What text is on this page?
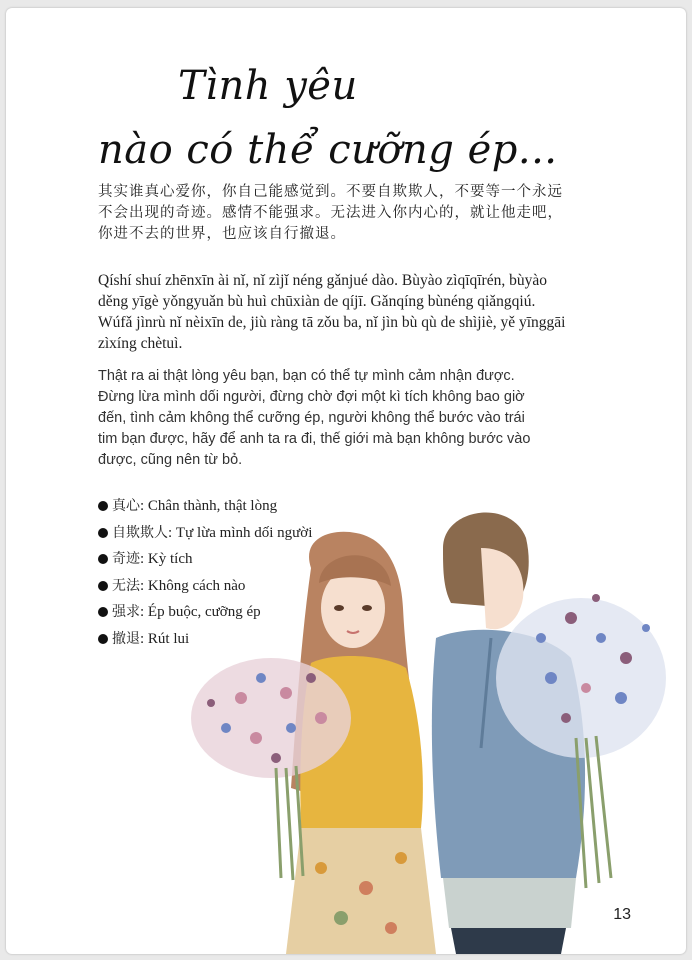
Tình yêu
nào có thể cưỡng ép...

其实谁真心爱你，你自己能感觉到。不要自欺欺人，不要等一个永远
不会出现的奇迹。感情不能强求。无法进入你内心的，就让他走吧，
你进不去的世界，也应该自行撤退。

Qíshí shuí zhēnxīn ài nǐ, nǐ zìjǐ néng gǎnjué dào. Bùyào zìqīqīrén, bùyào
děng yīgè yǒngyuǎn bù huì chūxiàn de qíjī. Gǎnqíng bùnéng qiǎngqiú.
Wúfǎ jìnrù nǐ nèixīn de, jiù ràng tā zǒu ba, nǐ jìn bù qù de shìjiè, yě yīnggāi
zìxíng chètuì.

Thật ra ai thật lòng yêu bạn, bạn có thể tự mình cảm nhận được.
Đừng lừa mình dối người, đừng chờ đợi một kì tích không bao giờ
đến, tình cảm không thể cưỡng ép, người không thể bước vào trái
tim bạn được, hãy để anh ta ra đi, thế giới mà bạn không bước vào
được, cũng nên từ bỏ.

真心 : Chân thành, thật lòng
自欺欺人 : Tự lừa mình dối người
奇迹 : Kỳ tích
无法 : Không cách nào
强求 : Ép buộc, cưỡng ép
撤退 : Rút lui
13
